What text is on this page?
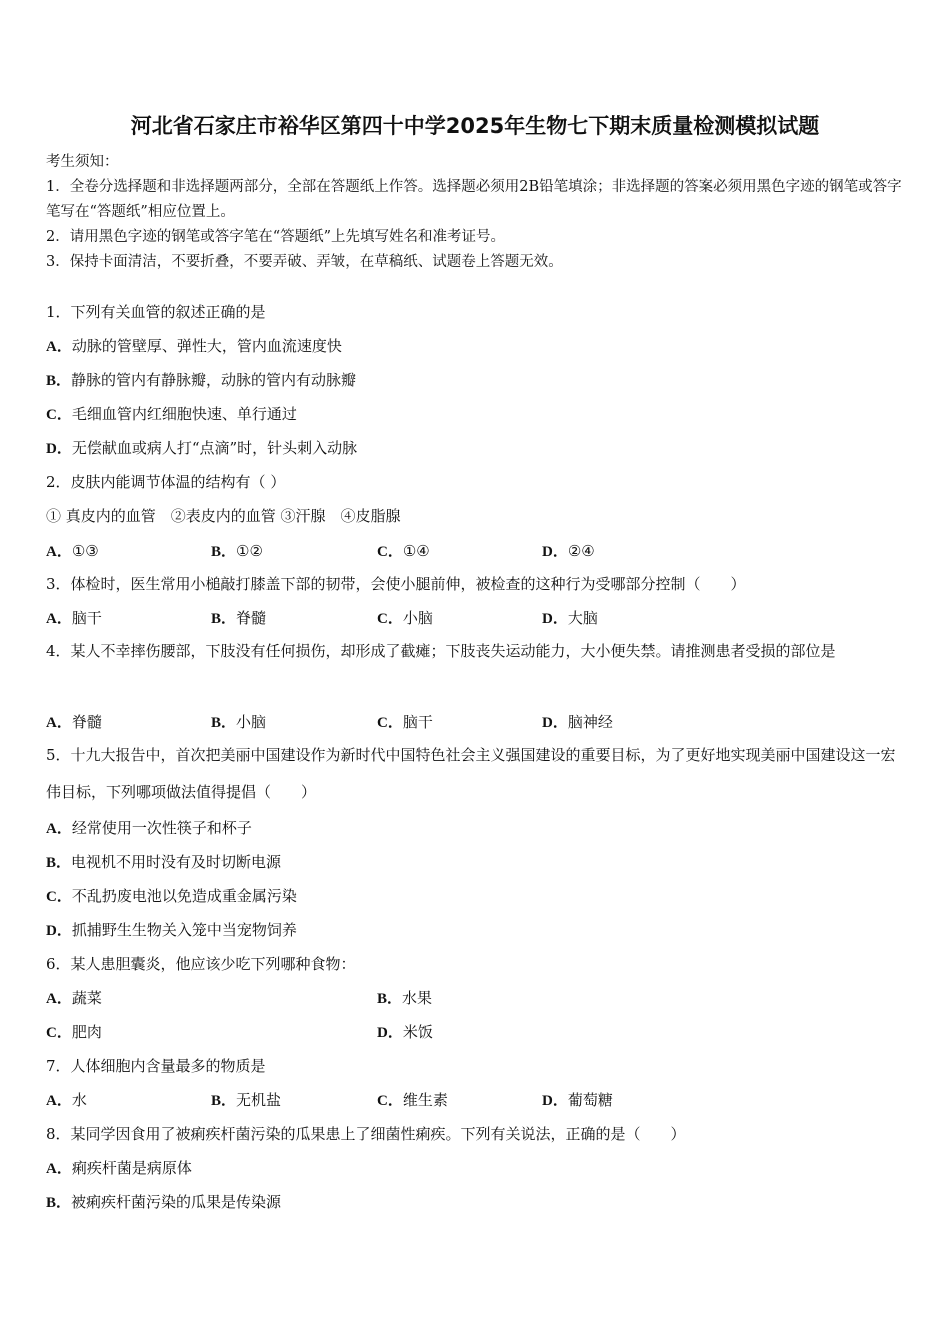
河北省石家庄市裕华区第四十中学2025年生物七下期末质量检测模拟试题
考生须知：
1．全卷分选择题和非选择题两部分，全部在答题纸上作答。选择题必须用2B铅笔填涂；非选择题的答案必须用黑色字迹的钢笔或答字笔写在“答题纸”相应位置上。
2．请用黑色字迹的钢笔或答字笔在“答题纸”上先填写姓名和准考证号。
3．保持卡面清洁，不要折叠，不要弄破、弄皱，在草稿纸、试题卷上答题无效。
1．下列有关血管的叙述正确的是
A．动脉的管壁厚、弹性大，管内血流速度快
B．静脉的管内有静脉瓣，动脉的管内有动脉瓣
C．毛细血管内红细胞快速、单行通过
D．无偿献血或病人打“点滴”时，针头刺入动脉
2．皮肤内能调节体温的结构有（ ）
① 真皮内的血管　②表皮内的血管 ③汗腺　④皮脂腺
A．①③	B．①②	C．①④	D．②④
3．体检时，医生常用小槌敲打膝盖下部的韧带，会使小腿前伸，被检查的这种行为受哪部分控制（　　）
A．脑干	B．脊髓	C．小脑	D．大脑
4．某人不幸摔伤腰部，下肢没有任何损伤，却形成了截瘫；下肢丧失运动能力，大小便失禁。请推测患者受损的部位是
A．脊髓	B．小脑	C．脑干	D．脑神经
5．十九大报告中，首次把美丽中国建设作为新时代中国特色社会主义强国建设的重要目标，为了更好地实现美丽中国建设这一宏伟目标，下列哪项做法值得提倡（　　）
A．经常使用一次性筷子和杯子
B．电视机不用时没有及时切断电源
C．不乱扔废电池以免造成重金属污染
D．抓捕野生生物关入笼中当宠物饲养
6．某人患胆囊炎，他应该少吃下列哪种食物：
A．蔬菜	B．水果
C．肥肉	D．米饭
7．人体细胞内含量最多的物质是
A．水	B．无机盐	C．维生素	D．葡萄糖
8．某同学因食用了被痢疾杆菌污染的瓜果患上了细菌性痢疾。下列有关说法，正确的是（　　）
A．痢疾杆菌是病原体
B．被痢疾杆菌污染的瓜果是传染源
